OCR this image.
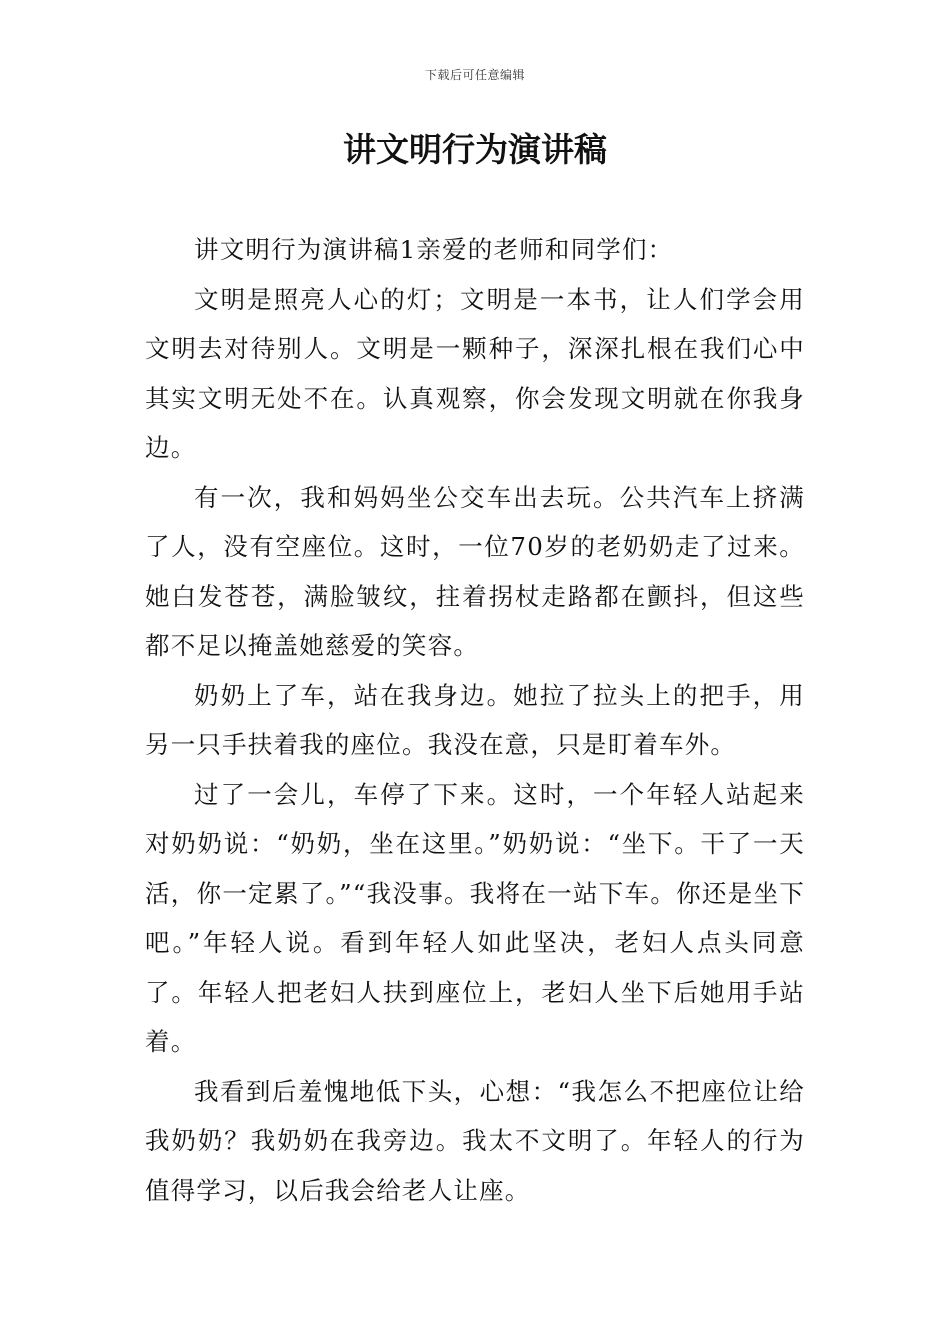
下载后可任意编辑
讲文明行为演讲稿

讲文明行为演讲稿1亲爱的老师和同学们：

文明是照亮人心的灯；文明是一本书，让人们学会用文明去对待别人。文明是一颗种子，深深扎根在我们心中其实文明无处不在。认真观察，你会发现文明就在你我身边。

有一次，我和妈妈坐公交车出去玩。公共汽车上挤满了人，没有空座位。这时，一位70岁的老奶奶走了过来。她白发苍苍，满脸皱纹，拄着拐杖走路都在颤抖，但这些都不足以掩盖她慈爱的笑容。

奶奶上了车，站在我身边。她拉了拉头上的把手，用另一只手扶着我的座位。我没在意，只是盯着车外。

过了一会儿，车停了下来。这时，一个年轻人站起来对奶奶说：“奶奶，坐在这里。”奶奶说：“坐下。干了一天活，你一定累了。”“我没事。我将在一站下车。你还是坐下吧。”年轻人说。看到年轻人如此坚决，老妇人点头同意了。年轻人把老妇人扶到座位上，老妇人坐下后她用手站着。

我看到后羞愧地低下头，心想：“我怎么不把座位让给我奶奶？我奶奶在我旁边。我太不文明了。年轻人的行为值得学习，以后我会给老人让座。
